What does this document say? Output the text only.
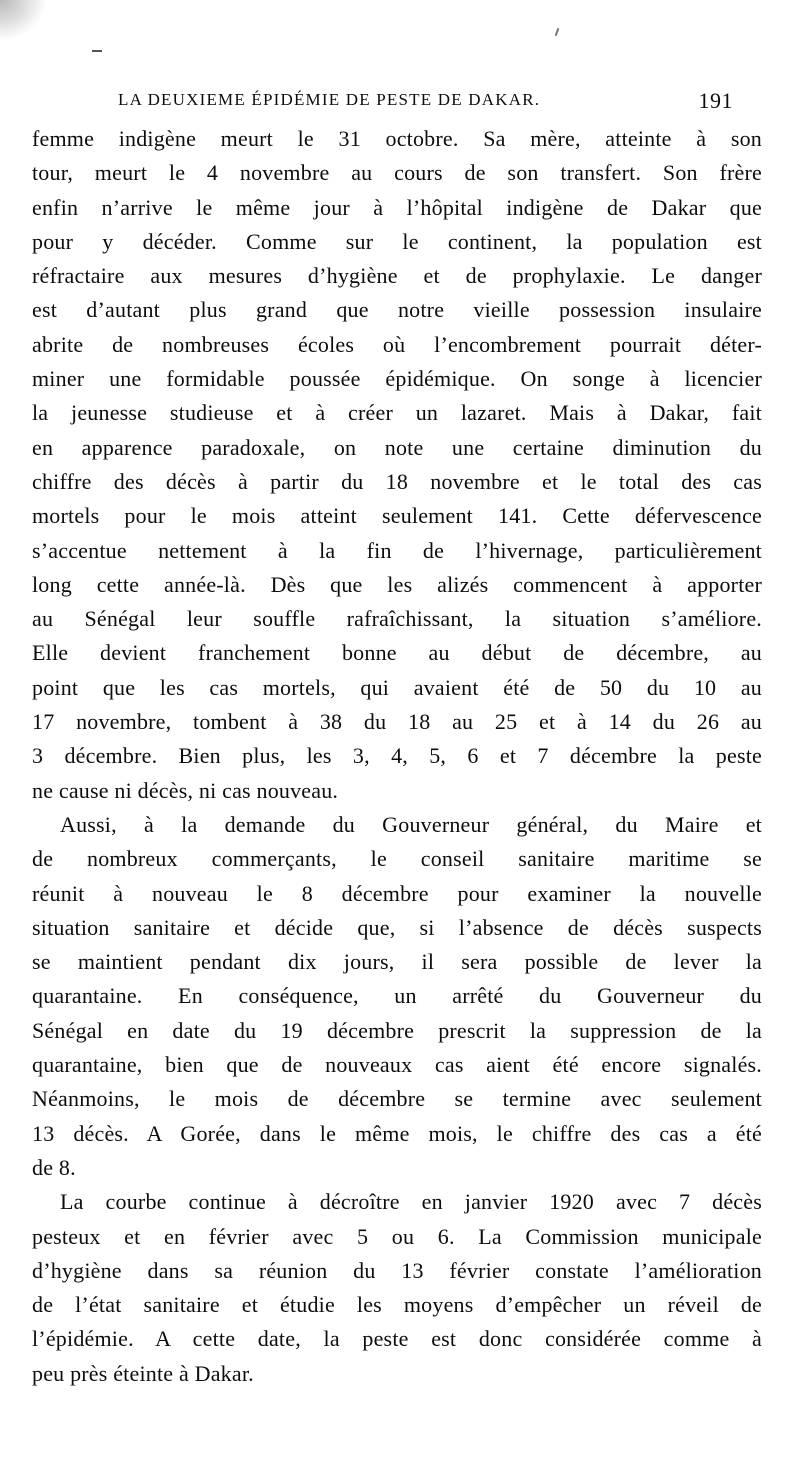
LA DEUXIEME ÉPIDÉMIE DE PESTE DE DAKAR.	191
femme indigène meurt le 31 octobre. Sa mère, atteinte à son
tour, meurt le 4 novembre au cours de son transfert. Son frère
enfin n’arrive le même jour à l’hôpital indigène de Dakar que
pour y décéder. Comme sur le continent, la population est
réfractaire aux mesures d’hygiène et de prophylaxie. Le danger
est d’autant plus grand que notre vieille possession insulaire
abrite de nombreuses écoles où l’encombrement pourrait déter-
miner une formidable poussée épidémique. On songe à licencier
la jeunesse studieuse et à créer un lazaret. Mais à Dakar, fait
en apparence paradoxale, on note une certaine diminution du
chiffre des décès à partir du 18 novembre et le total des cas
mortels pour le mois atteint seulement 141. Cette défervescence
s’accentue nettement à la fin de l’hivernage, particulièrement
long cette année-là. Dès que les alizés commencent à apporter
au Sénégal leur souffle rafraîchissant, la situation s’améliore.
Elle devient franchement bonne au début de décembre, au
point que les cas mortels, qui avaient été de 50 du 10 au
17 novembre, tombent à 38 du 18 au 25 et à 14 du 26 au
3 décembre. Bien plus, les 3, 4, 5, 6 et 7 décembre la peste
ne cause ni décès, ni cas nouveau.
Aussi, à la demande du Gouverneur général, du Maire et
de nombreux commerçants, le conseil sanitaire maritime se
réunit à nouveau le 8 décembre pour examiner la nouvelle
situation sanitaire et décide que, si l’absence de décès suspects
se maintient pendant dix jours, il sera possible de lever la
quarantaine. En conséquence, un arrêté du Gouverneur du
Sénégal en date du 19 décembre prescrit la suppression de la
quarantaine, bien que de nouveaux cas aient été encore signalés.
Néanmoins, le mois de décembre se termine avec seulement
13 décès. A Gorée, dans le même mois, le chiffre des cas a été
de 8.
La courbe continue à décroître en janvier 1920 avec 7 décès
pesteux et en février avec 5 ou 6. La Commission municipale
d’hygiène dans sa réunion du 13 février constate l’amélioration
de l’état sanitaire et étudie les moyens d’empêcher un réveil de
l’épidémie. A cette date, la peste est donc considérée comme à
peu près éteinte à Dakar.
